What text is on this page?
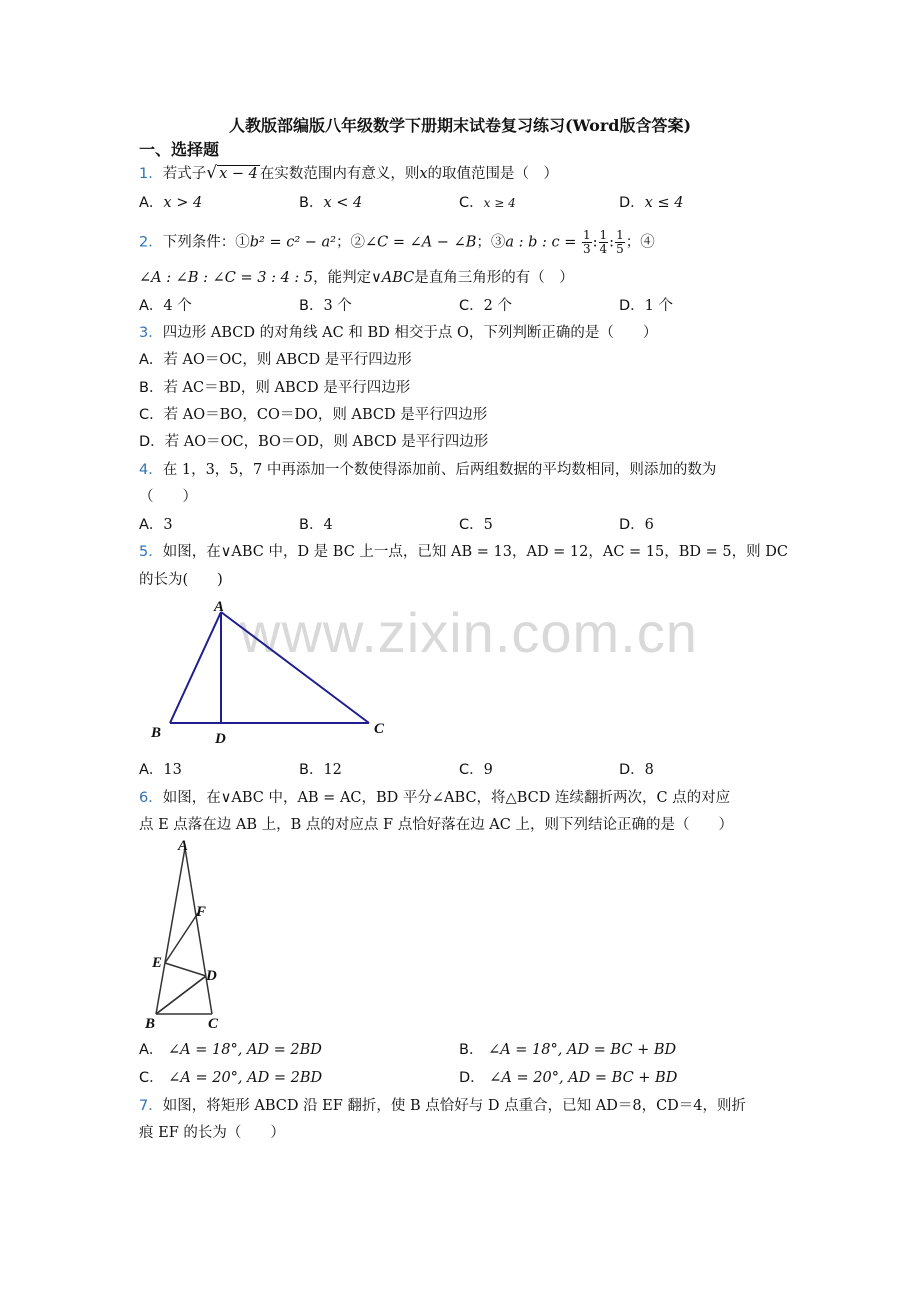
人教版部编版八年级数学下册期末试卷复习练习(Word版含答案)
一、选择题
www.zixin.com.cn
1．若式子√ x − 4 在实数范围内有意义，则x的取值范围是（　）
A．x > 4	B．x < 4	C．x ≥ 4	D．x ≤ 4
2．下列条件：①b² = c² − a²；②∠C = ∠A − ∠B；③a : b : $c = \frac{1}{3}$ : $\frac{1}{4}$ : $\frac{1}{5}$ ；④
∠A : ∠B : ∠C = 3 : 4 : 5，能判定∨ABC是直角三角形的有（　）
A．4 个	B．3 个	C．2 个	D．1 个
3．四边形 ABCD 的对角线 AC 和 BD 相交于点 O，下列判断正确的是（　　）
A．若 AO＝OC，则 ABCD 是平行四边形
B．若 AC＝BD，则 ABCD 是平行四边形
C．若 AO＝BO，CO＝DO，则 ABCD 是平行四边形
D．若 AO＝OC，BO＝OD，则 ABCD 是平行四边形
4．在 1，3，5，7 中再添加一个数使得添加前、后两组数据的平均数相同，则添加的数为
（　　）
A．3	B．4	C．5	D．6
5．如图，在∨ABC 中，D 是 BC 上一点，已知 AB = 13，AD = 12，AC = 15，BD = 5，则 DC
的长为(　　)
A
B	C
D
A．13	B．12	C．9	D．8
6．如图，在∨ABC 中，AB = AC，BD 平分∠ABC，将△BCD 连续翻折两次，C 点的对应
点 E 点落在边 AB 上，B 点的对应点 F 点恰好落在边 AC 上，则下列结论正确的是（　　）
A
B	C
D
E
F
A． ∠A = 18°, AD = 2BD	B． ∠A = 18°, AD = BC + BD
C． ∠A = 20°, AD = 2BD	D． ∠A = 20°, AD = BC + BD
7．如图，将矩形 ABCD 沿 EF 翻折，使 B 点恰好与 D 点重合，已知 AD＝8，CD＝4，则折
痕 EF 的长为（　　）
